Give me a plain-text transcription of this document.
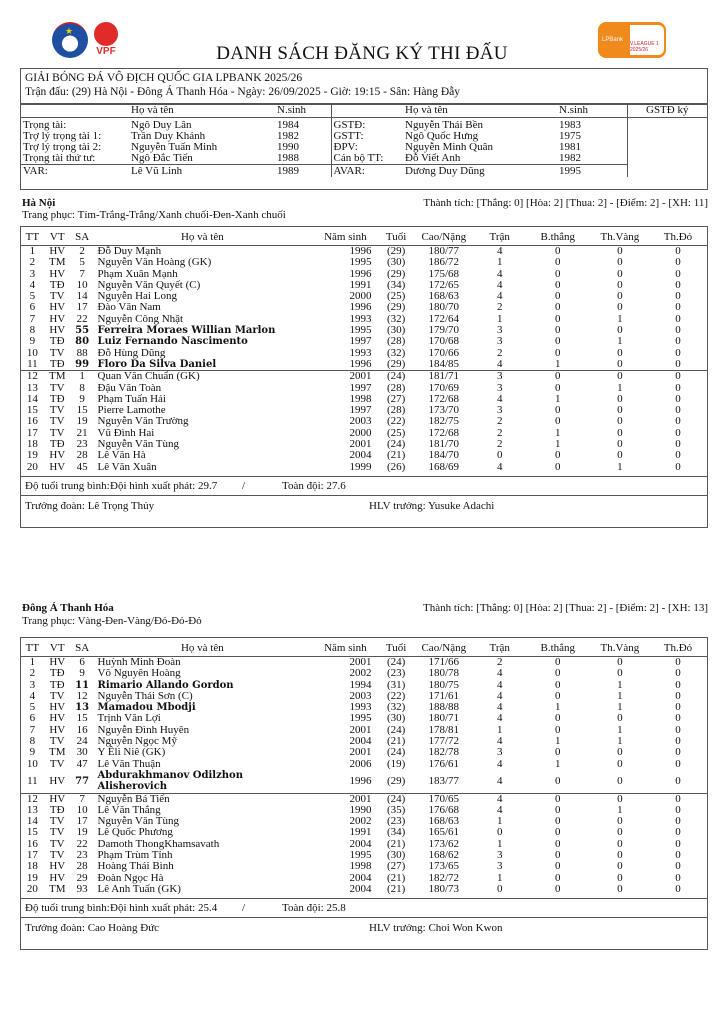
★
VPF
LPBank
V.LEAGUE 1 2025/26
DANH SÁCH ĐĂNG KÝ THI ĐẤU
GIẢI BÓNG ĐÁ VÔ ĐỊCH QUỐC GIA LPBANK 2025/26
Trận đấu: (29) Hà Nội - Đông Á Thanh Hóa - Ngày: 26/09/2025 - Giờ: 19:15 - Sân: Hàng Đẫy
	Họ và tên	N.sinh		Họ và tên	N.sinh	GSTĐ ký
Trọng tài:	Ngô Duy Lân	1984	GSTĐ:	Nguyễn Thái Bền	1983	
Trợ lý trọng tài 1:	Trần Duy Khánh	1982	GSTT:	Ngô Quốc Hưng	1975	
Trợ lý trọng tài 2:	Nguyễn Tuấn Minh	1990	ĐPV:	Nguyễn Minh Quân	1981	
Trọng tài thứ tư:	Ngô Đắc Tiến	1988	Cán bộ TT:	Đỗ Viết Anh	1982	
VAR:	Lê Vũ Linh	1989	AVAR:	Dương Duy Dũng	1995	
Hà Nội	Thành tích: [Thắng: 0] [Hòa: 2] [Thua: 2] - [Điểm: 2] - [XH: 11]
Trang phục: Tím-Trắng-Trắng/Xanh chuối-Đen-Xanh chuối
TT	VT	SA	Họ và tên	Năm sinh	Tuổi	Cao/Nặng	Trận	B.thắng	Th.Vàng	Th.Đỏ
1	HV	2	Đỗ Duy Mạnh	1996	(29)	180/77	4	0	0	0
2	TM	5	Nguyễn Văn Hoàng (GK)	1995	(30)	186/72	1	0	0	0
3	HV	7	Phạm Xuân Mạnh	1996	(29)	175/68	4	0	0	0
4	TĐ	10	Nguyễn Văn Quyết (C)	1991	(34)	172/65	4	0	0	0
5	TV	14	Nguyễn Hai Long	2000	(25)	168/63	4	0	0	0
6	HV	17	Đào Văn Nam	1996	(29)	180/70	2	0	0	0
7	HV	22	Nguyễn Công Nhật	1993	(32)	172/64	1	0	1	0
8	HV	55	Ferreira Moraes Willian Marlon	1995	(30)	179/70	3	0	0	0
9	TĐ	80	Luiz Fernando Nascimento	1997	(28)	170/68	3	0	1	0
10	TV	88	Đỗ Hùng Dũng	1993	(32)	170/66	2	0	0	0
11	TĐ	99	Floro Da Silva Daniel	1996	(29)	184/85	4	1	0	0
12	TM	1	Quan Văn Chuẩn (GK)	2001	(24)	181/71	3	0	0	0
13	TV	8	Đậu Văn Toàn	1997	(28)	170/69	3	0	1	0
14	TĐ	9	Phạm Tuấn Hải	1998	(27)	172/68	4	1	0	0
15	TV	15	Pierre Lamothe	1997	(28)	173/70	3	0	0	0
16	TV	19	Nguyễn Văn Trường	2003	(22)	182/75	2	0	0	0
17	TV	21	Vũ Đình Hai	2000	(25)	172/68	2	1	0	0
18	TĐ	23	Nguyễn Văn Tùng	2001	(24)	181/70	2	1	0	0
19	HV	28	Lê Văn Hà	2004	(21)	184/70	0	0	0	0
20	HV	45	Lê Văn Xuân	1999	(26)	168/69	4	0	1	0
Độ tuổi trung bình: Đội hình xuất phát: 29.7	/	Toàn đội: 27.6
Trưởng đoàn: Lê Trọng Thủy	HLV trưởng: Yusuke Adachi
Đông Á Thanh Hóa	Thành tích: [Thắng: 0] [Hòa: 2] [Thua: 2] - [Điểm: 2] - [XH: 13]
Trang phục: Vàng-Đen-Vàng/Đỏ-Đỏ-Đỏ
TT	VT	SA	Họ và tên	Năm sinh	Tuổi	Cao/Nặng	Trận	B.thắng	Th.Vàng	Th.Đỏ
1	HV	6	Huỳnh Minh Đoàn	2001	(24)	171/66	2	0	0	0
2	TĐ	9	Võ Nguyên Hoàng	2002	(23)	180/78	4	0	0	0
3	TĐ	11	Rimario Allando Gordon	1994	(31)	180/75	4	0	1	0
4	TV	12	Nguyễn Thái Sơn (C)	2003	(22)	171/61	4	0	1	0
5	HV	13	Mamadou Mbodji	1993	(32)	188/88	4	1	1	0
6	HV	15	Trịnh Văn Lợi	1995	(30)	180/71	4	0	0	0
7	HV	16	Nguyễn Đình Huyên	2001	(24)	178/81	1	0	1	0
8	TV	24	Nguyễn Ngọc Mỹ	2004	(21)	177/72	4	1	1	0
9	TM	30	Y Êli Niê (GK)	2001	(24)	182/78	3	0	0	0
10	TV	47	Lê Văn Thuận	2006	(19)	176/61	4	1	0	0
11	HV	77	Abdurakhmanov Odilzhon Alisherovich	1996	(29)	183/77	4	0	0	0
12	HV	7	Nguyễn Bá Tiến	2001	(24)	170/65	4	0	0	0
13	TĐ	10	Lê Văn Thắng	1990	(35)	176/68	4	0	1	0
14	TV	17	Nguyễn Văn Tùng	2002	(23)	168/63	1	0	0	0
15	TV	19	Lê Quốc Phương	1991	(34)	165/61	0	0	0	0
16	TV	22	Damoth ThongKhamsavath	2004	(21)	173/62	1	0	0	0
17	TV	23	Phạm Trùm Tỉnh	1995	(30)	168/62	3	0	0	0
18	HV	28	Hoàng Thái Bình	1998	(27)	173/65	3	0	0	0
19	HV	29	Đoàn Ngọc Hà	2004	(21)	182/72	1	0	0	0
20	TM	93	Lê Anh Tuấn (GK)	2004	(21)	180/73	0	0	0	0
Độ tuổi trung bình: Đội hình xuất phát: 25.4	/	Toàn đội: 25.8
Trưởng đoàn: Cao Hoàng Đức	HLV trưởng: Choi Won Kwon
